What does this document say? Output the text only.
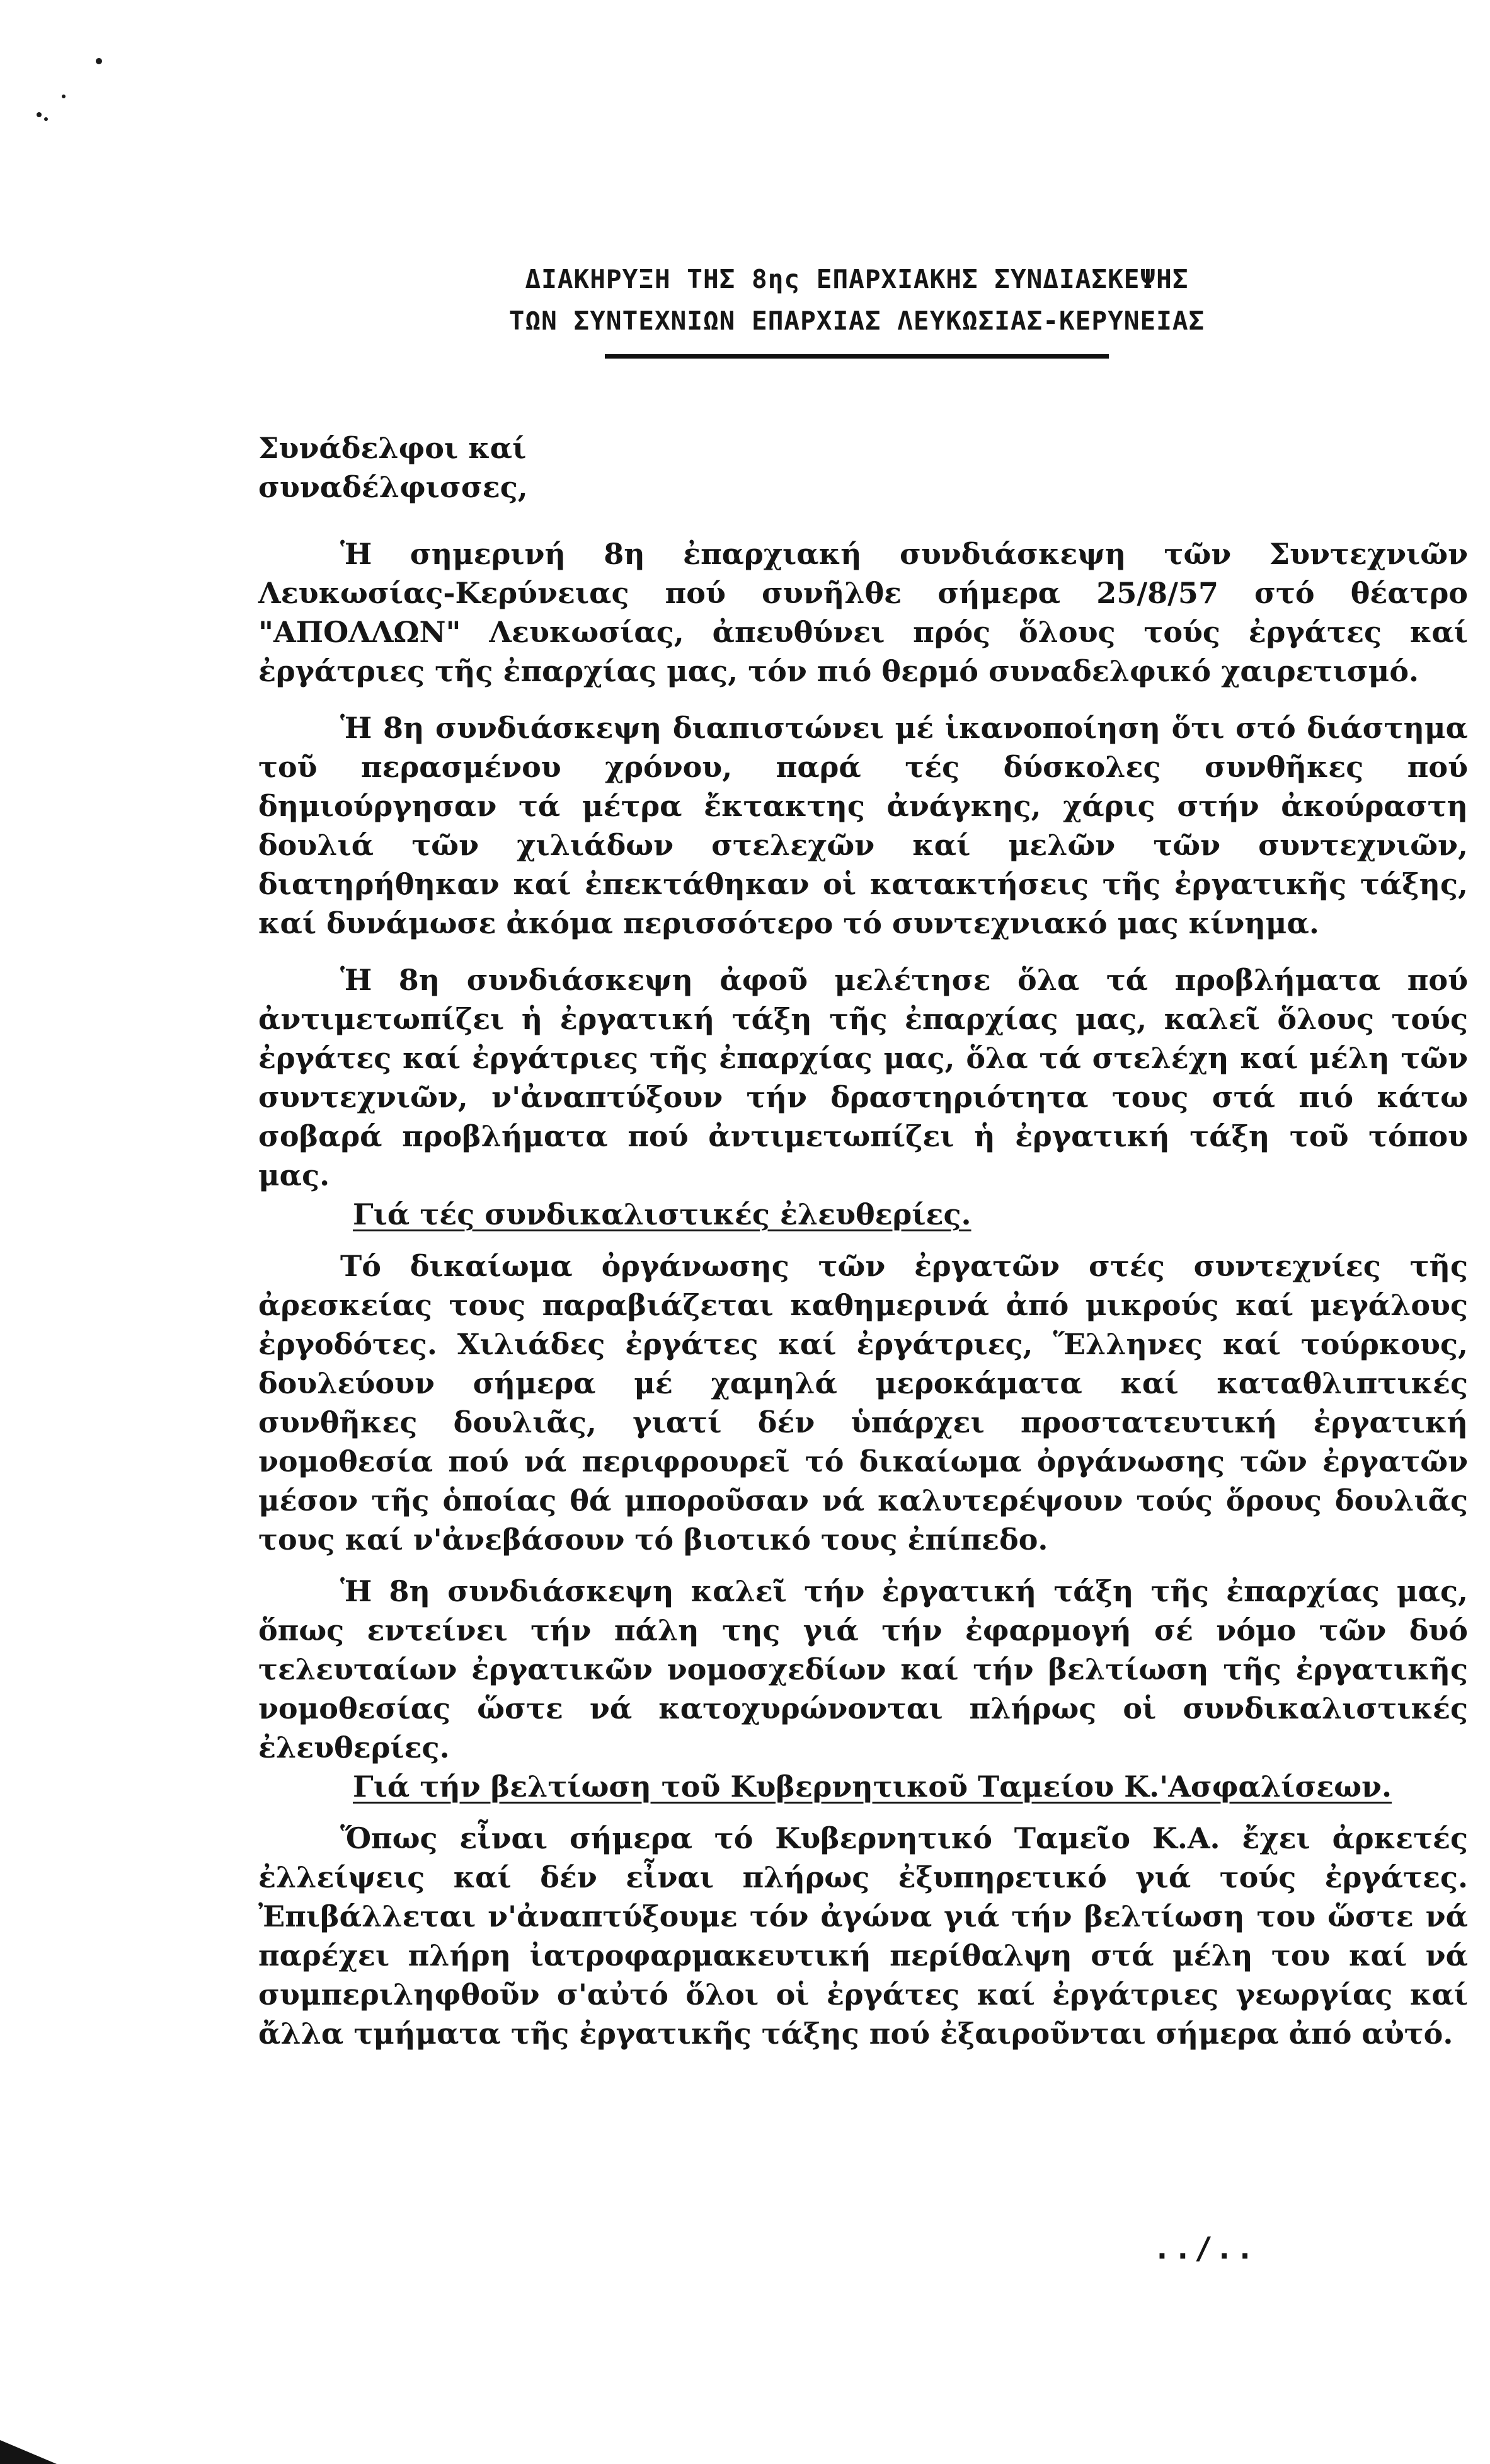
ΔΙΑΚΗΡΥΞΗ ΤΗΣ 8ης ΕΠΑΡΧΙΑΚΗΣ ΣΥΝΔΙΑΣΚΕΨΗΣ
ΤΩΝ ΣΥΝΤΕΧΝΙΩΝ ΕΠΑΡΧΙΑΣ ΛΕΥΚΩΣΙΑΣ-ΚΕΡΥΝΕΙΑΣ
Συνάδελφοι καί
συναδέλφισσες,

Ἡ σημερινή 8η ἐπαρχιακή συνδιάσκεψη τῶν Συντεχνιῶν Λευκωσίας-Κερύνειας πού συνῆλθε σήμερα 25/8/57 στό θέατρο "ΑΠΟΛΛΩΝ" Λευκωσίας, ἀπευθύνει πρός ὅλους τούς ἐργάτες καί ἐργάτριες τῆς ἐπαρχίας μας, τόν πιό θερμό συναδελφικό χαιρετισμό.

Ἡ 8η συνδιάσκεψη διαπιστώνει μέ ἱκανοποίηση ὅτι στό διάστημα τοῦ περασμένου χρόνου, παρά τές δύσκολες συνθῆκες πού δημιούργησαν τά μέτρα ἔκτακτης ἀνάγκης, χάρις στήν ἀκούραστη δουλιά τῶν χιλιάδων στελεχῶν καί μελῶν τῶν συντεχνιῶν, διατηρήθηκαν καί ἐπεκτάθηκαν οἱ κατακτήσεις τῆς ἐργατικῆς τάξης, καί δυνάμωσε ἀκόμα περισσότερο τό συντεχνιακό μας κίνημα.

Ἡ 8η συνδιάσκεψη ἀφοῦ μελέτησε ὅλα τά προβλήματα πού ἀντιμετωπίζει ἡ ἐργατική τάξη τῆς ἐπαρχίας μας, καλεῖ ὅλους τούς ἐργάτες καί ἐργάτριες τῆς ἐπαρχίας μας, ὅλα τά στελέχη καί μέλη τῶν συντεχνιῶν, ν'ἀναπτύξουν τήν δραστηριότητα τους στά πιό κάτω σοβαρά προβλήματα πού ἀντιμετωπίζει ἡ ἐργατική τάξη τοῦ τόπου μας.

Γιά τές συνδικαλιστικές ἐλευθερίες.

Τό δικαίωμα ὀργάνωσης τῶν ἐργατῶν στές συντεχνίες τῆς ἀρεσκείας τους παραβιάζεται καθημερινά ἀπό μικρούς καί μεγάλους ἐργοδότες. Χιλιάδες ἐργάτες καί ἐργάτριες, Ἕλληνες καί τούρκους, δουλεύουν σήμερα μέ χαμηλά μεροκάματα καί καταθλιπτικές συνθῆκες δουλιᾶς, γιατί δέν ὑπάρχει προστατευτική ἐργατική νομοθεσία πού νά περιφρουρεῖ τό δικαίωμα ὀργάνωσης τῶν ἐργατῶν μέσον τῆς ὁποίας θά μποροῦσαν νά καλυτερέψουν τούς ὅρους δουλιᾶς τους καί ν'ἀνεβάσουν τό βιοτικό τους ἐπίπεδο.

Ἡ 8η συνδιάσκεψη καλεῖ τήν ἐργατική τάξη τῆς ἐπαρχίας μας, ὅπως εντείνει τήν πάλη της γιά τήν ἐφαρμογή σέ νόμο τῶν δυό τελευταίων ἐργατικῶν νομοσχεδίων καί τήν βελτίωση τῆς ἐργατικῆς νομοθεσίας ὥστε νά κατοχυρώνονται πλήρως οἱ συνδικαλιστικές ἐλευθερίες.

Γιά τήν βελτίωση τοῦ Κυβερνητικοῦ Ταμείου Κ.'Ασφαλίσεων.

Ὅπως εἶναι σήμερα τό Κυβερνητικό Ταμεῖο Κ.Α. ἔχει ἀρκετές ἐλλείψεις καί δέν εἶναι πλήρως ἐξυπηρετικό γιά τούς ἐργάτες. Ἐπιβάλλεται ν'ἀναπτύξουμε τόν ἀγώνα γιά τήν βελτίωση του ὥστε νά παρέχει πλήρη ἰατροφαρμακευτική περίθαλψη στά μέλη του καί νά συμπεριληφθοῦν σ'αὐτό ὅλοι οἱ ἐργάτες καί ἐργάτριες γεωργίας καί ἄλλα τμήματα τῆς ἐργατικῆς τάξης πού ἐξαιροῦνται σήμερα ἀπό αὐτό.

../..
